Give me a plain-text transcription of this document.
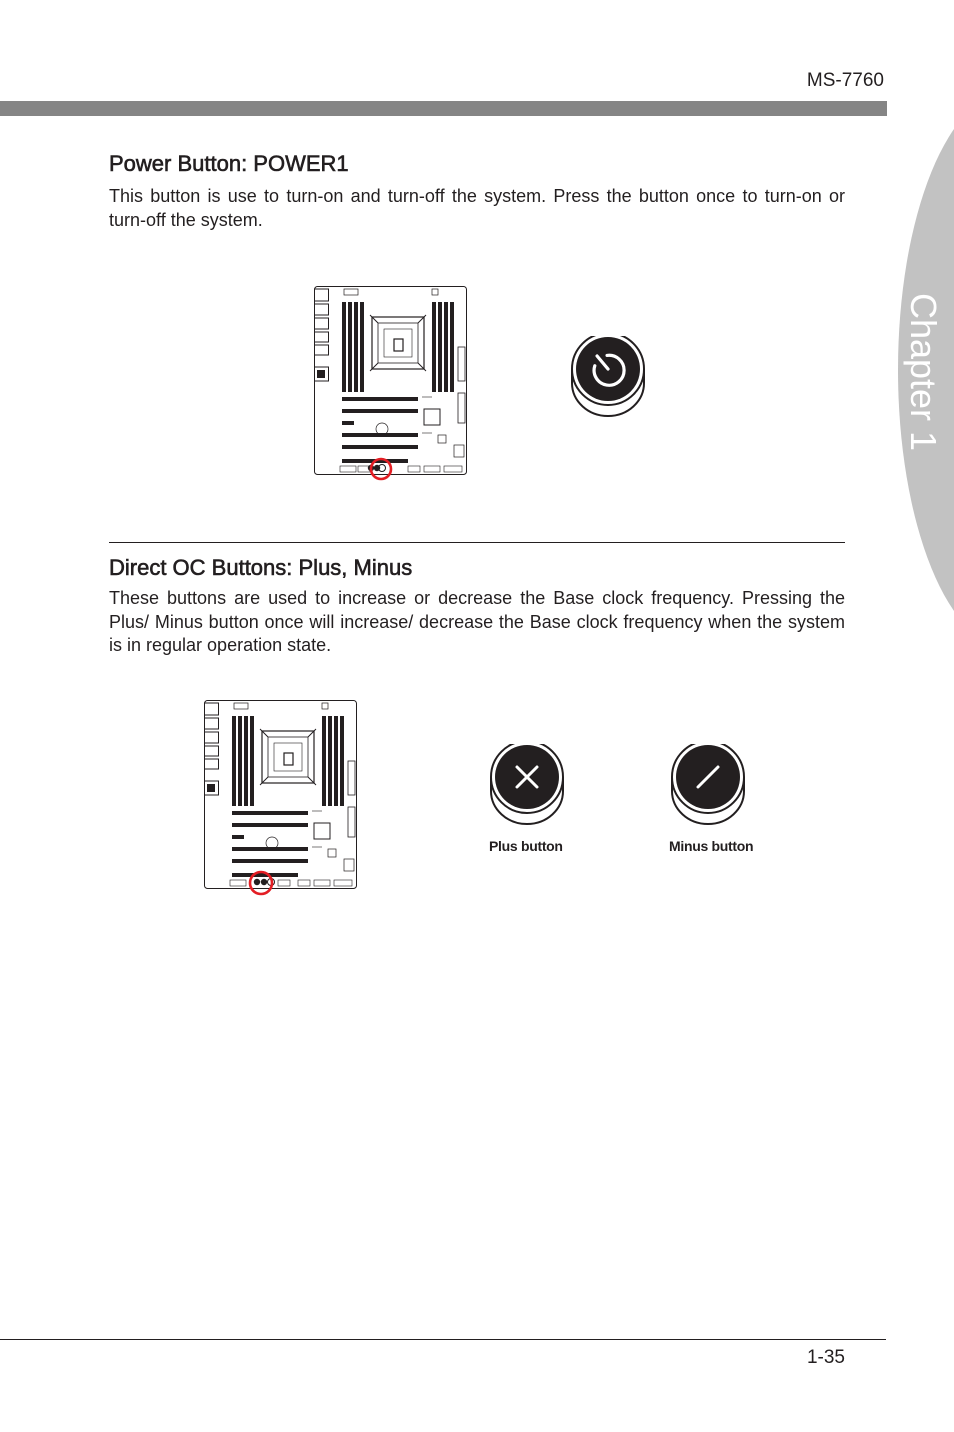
MS-7760
Chapter 1
Power Button: POWER1

This button is use to turn-on and turn-off the system. Press the button once to turn-on or turn-off the system.

Direct OC Buttons: Plus, Minus

These buttons are used to increase or decrease the Base clock frequency. Pressing the Plus/ Minus button once will increase/ decrease the Base clock frequency when the system is in regular operation state.

Plus button	Minus button
1-35
